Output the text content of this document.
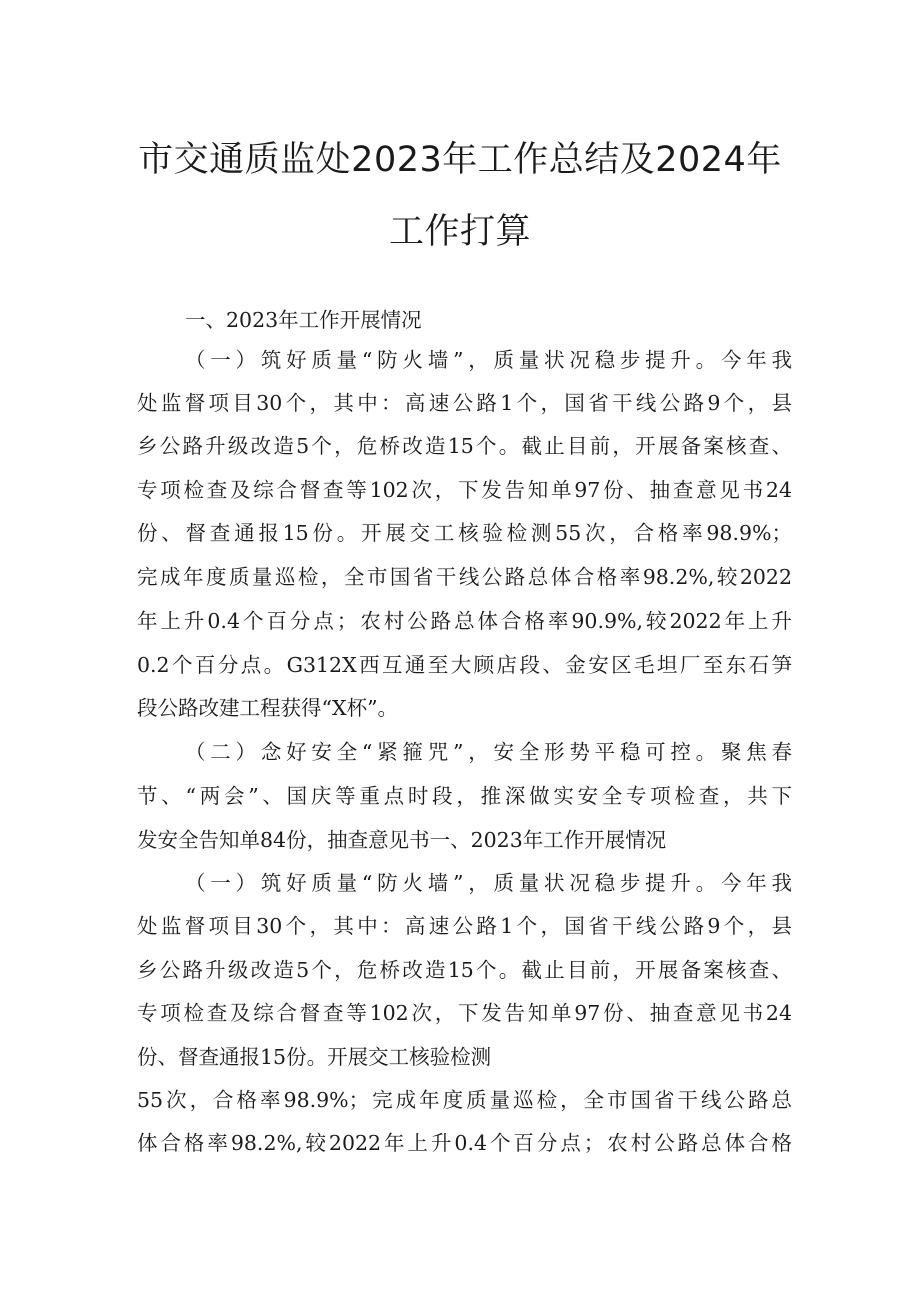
市交通质监处2023年工作总结及2024年
工作打算

一、2023年工作开展情况

（一）筑好质量“防火墙”，质量状况稳步提升。今年我

处监督项目30个，其中：高速公路1个，国省干线公路9个，县

乡公路升级改造5个，危桥改造15个。截止目前，开展备案核查、

专项检查及综合督查等102次，下发告知单97份、抽查意见书24

份、督查通报15份。开展交工核验检测55次，合格率98.9%；

完成年度质量巡检，全市国省干线公路总体合格率98.2%,较2022

年上升0.4个百分点；农村公路总体合格率90.9%,较2022年上升

0.2个百分点。G312X西互通至大顾店段、金安区毛坦厂至东石笋

段公路改建工程获得“X杯”。

（二）念好安全“紧箍咒”，安全形势平稳可控。聚焦春

节、“两会”、国庆等重点时段，推深做实安全专项检查，共下

发安全告知单84份，抽查意见书一、2023年工作开展情况

（一）筑好质量“防火墙”，质量状况稳步提升。今年我

处监督项目30个，其中：高速公路1个，国省干线公路9个，县

乡公路升级改造5个，危桥改造15个。截止目前，开展备案核查、

专项检查及综合督查等102次，下发告知单97份、抽查意见书24

份、督查通报15份。开展交工核验检测

55次，合格率98.9%；完成年度质量巡检，全市国省干线公路总

体合格率98.2%,较2022年上升0.4个百分点；农村公路总体合格
